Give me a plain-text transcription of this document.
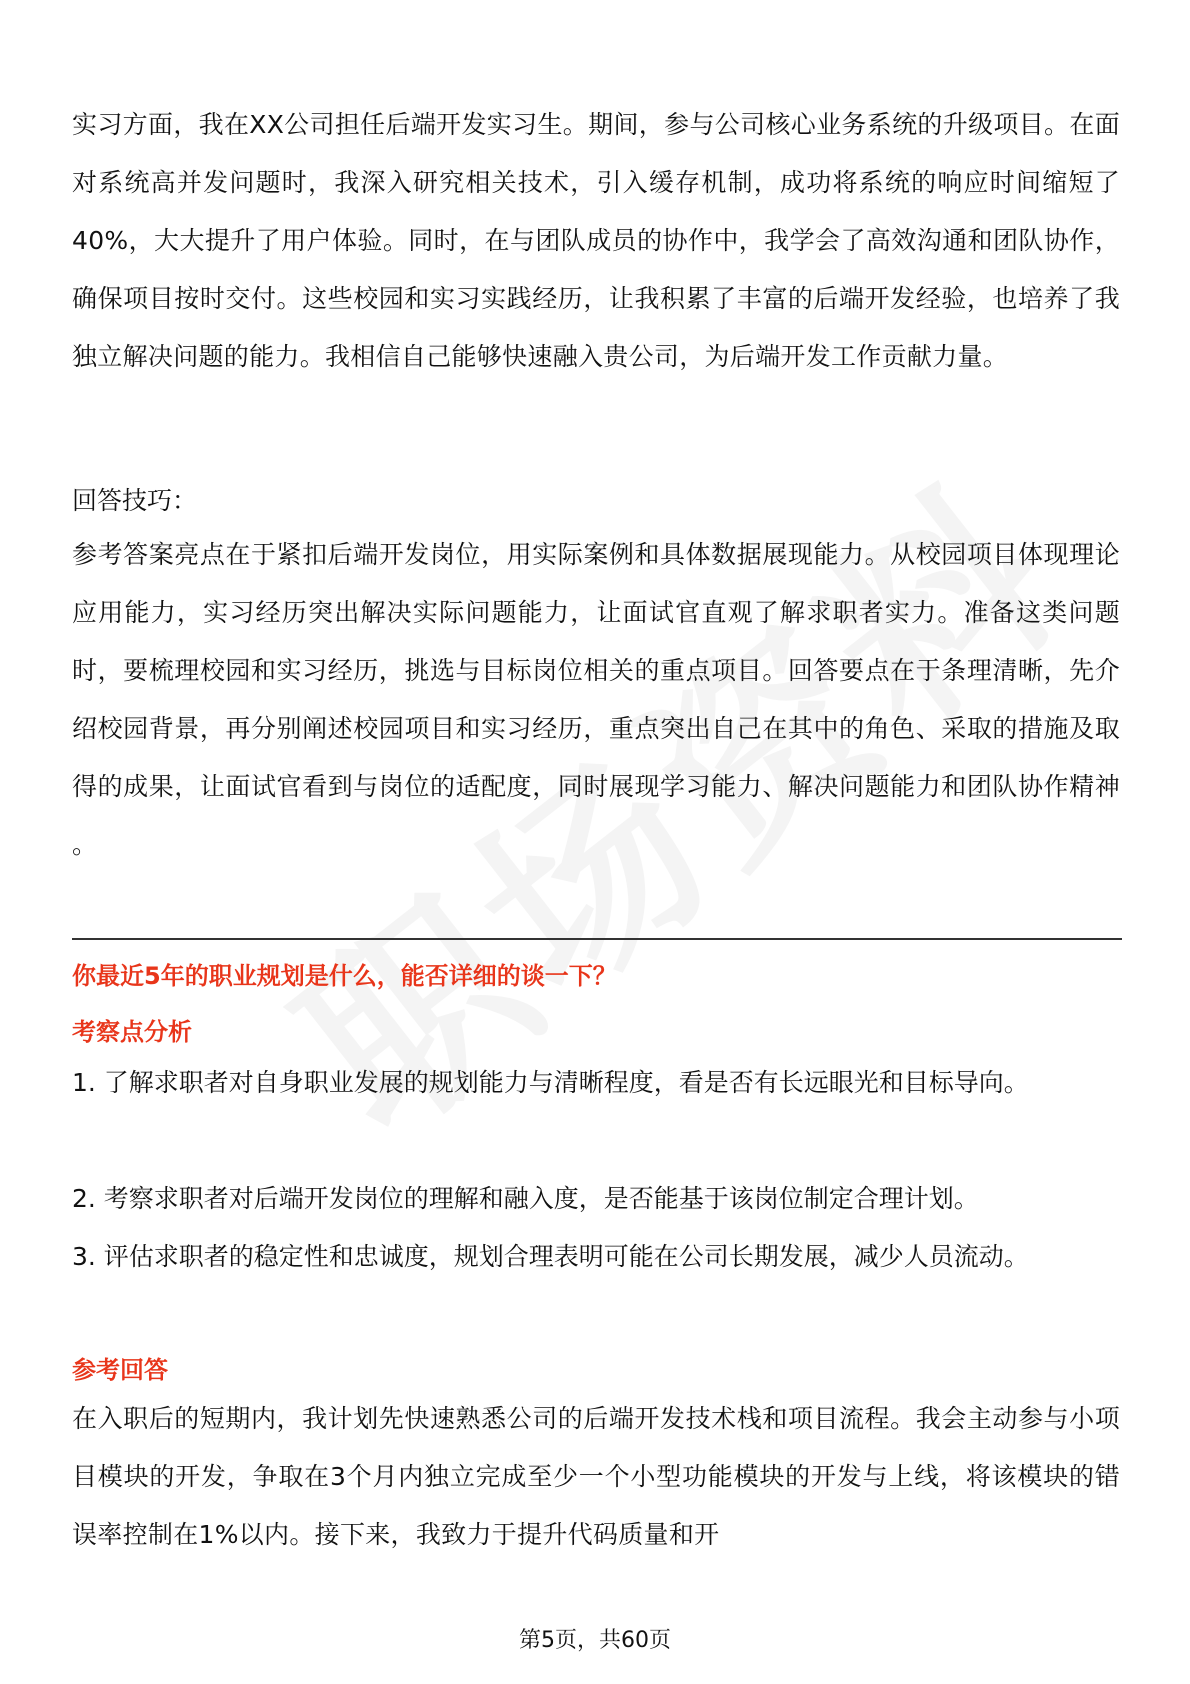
实习方面，我在XX公司担任后端开发实习生。期间，参与公司核心业务系统的升级项目。在面对系统高并发问题时，我深入研究相关技术，引入缓存机制，成功将系统的响应时间缩短了40%，大大提升了用户体验。同时，在与团队成员的协作中，我学会了高效沟通和团队协作，确保项目按时交付。这些校园和实习实践经历，让我积累了丰富的后端开发经验，也培养了我独立解决问题的能力。我相信自己能够快速融入贵公司，为后端开发工作贡献力量。

回答技巧：

参考答案亮点在于紧扣后端开发岗位，用实际案例和具体数据展现能力。从校园项目体现理论应用能力，实习经历突出解决实际问题能力，让面试官直观了解求职者实力。准备这类问题时，要梳理校园和实习经历，挑选与目标岗位相关的重点项目。回答要点在于条理清晰，先介绍校园背景，再分别阐述校园项目和实习经历，重点突出自己在其中的角色、采取的措施及取得的成果，让面试官看到与岗位的适配度，同时展现学习能力、解决问题能力和团队协作精神 。

你最近5年的职业规划是什么，能否详细的谈一下？

考察点分析

1. 了解求职者对自身职业发展的规划能力与清晰程度，看是否有长远眼光和目标导向。

2. 考察求职者对后端开发岗位的理解和融入度，是否能基于该岗位制定合理计划。

3. 评估求职者的稳定性和忠诚度，规划合理表明可能在公司长期发展，减少人员流动。

参考回答

在入职后的短期内，我计划先快速熟悉公司的后端开发技术栈和项目流程。我会主动参与小项目模块的开发，争取在3个月内独立完成至少一个小型功能模块的开发与上线，将该模块的错误率控制在1%以内。接下来，我致力于提升代码质量和开

第5页，共60页
